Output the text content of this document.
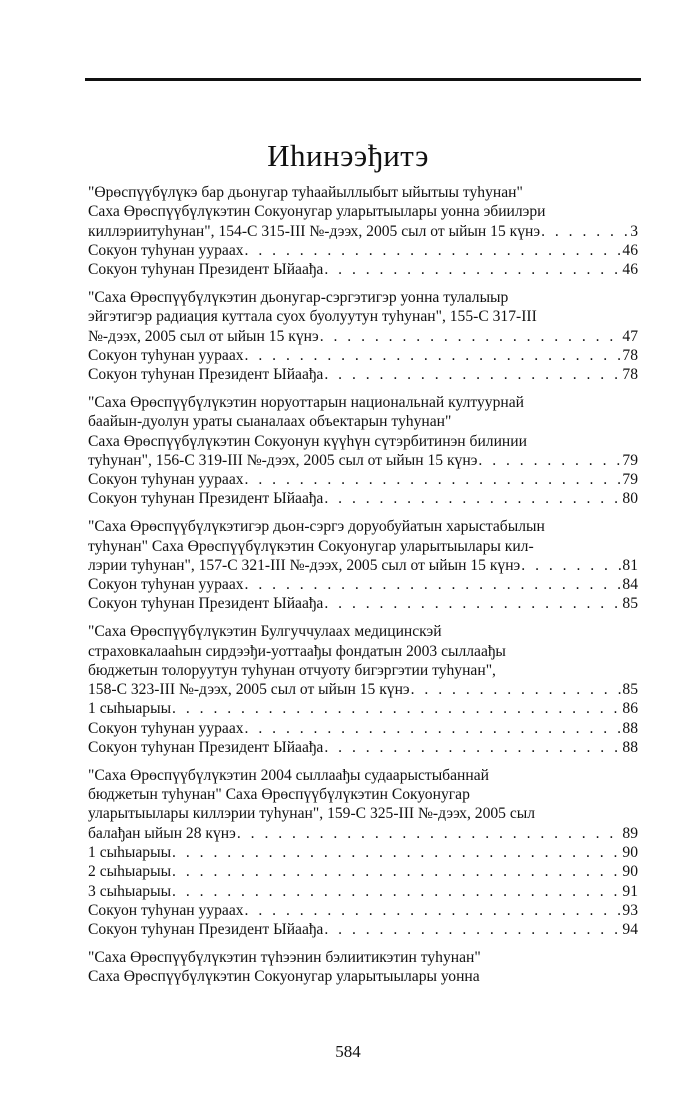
Иhинээђитэ
"Өрөспүүбүлүкэ бар дьонугар туhаайыллыбыт ыйытыы туhунан"
Саха Өрөспүүбүлүкэтин Сокуонугар уларытыылары уонна эбиилэри
киллэриитуhунан", 154-С 315-III №-дээх, 2005 сыл от ыйын 15 күнэ . . .	3
Сокуон туhунан уураах . . .	46
Сокуон туhунан Президент Ыйаађа . . .	46
"Саха Өрөспүүбүлүкэтин дьонугар-сэргэтигэр уонна тулалыыр
эйгэтигэр радиация куттала суох буолуутун туhунан", 155-С 317-III
№-дээх, 2005 сыл от ыйын 15 күнэ . . .	47
Сокуон туhунан уураах . . .	78
Сокуон туhунан Президент Ыйаађа . . .	78
"Саха Өрөспүүбүлүкэтин норуоттарын национальнай култуурнай
баайын-дуолун ураты сыаналаах объектарын туhунан"
Саха Өрөспүүбүлүкэтин Сокуонун күүhүн сүтэрбитинэн билинии
туhунан", 156-С 319-III №-дээх, 2005 сыл от ыйын 15 күнэ . . .	79
Сокуон туhунан уураах . . .	79
Сокуон туhунан Президент Ыйаађа . . .	80
"Саха Өрөспүүбүлүкэтигэр дьон-сэргэ доруобуйатын харыстабылын
туhунан" Саха Өрөспүүбүлүкэтин Сокуонугар уларытыылары кил-
лэрии туhунан", 157-С 321-III №-дээх, 2005 сыл от ыйын 15 күнэ . . .	81
Сокуон туhунан уураах . . .	84
Сокуон туhунан Президент Ыйаађа . . .	85
"Саха Өрөспүүбүлүкэтин Булгуччулаах медицинскэй
страховкалааhын сирдээђи-уоттаађы фондатын 2003 сыллаађы
бюджетын толоруутун туhунан отчуоту бигэргэтии туhунан",
158-С 323-III №-дээх, 2005 сыл от ыйын 15 күнэ . . .	85
1 сыhыарыы . . .	86
Сокуон туhунан уураах . . .	88
Сокуон туhунан Президент Ыйаађа . . .	88
"Саха Өрөспүүбүлүкэтин 2004 сыллаађы судаарыстыбаннай
бюджетын туhунан" Саха Өрөспүүбүлүкэтин Сокуонугар
уларытыылары киллэрии туhунан", 159-С 325-III №-дээх, 2005 сыл
балађан ыйын 28 күнэ . . .	89
1 сыhыарыы . . .	90
2 сыhыарыы . . .	90
3 сыhыарыы . . .	91
Сокуон туhунан уураах . . .	93
Сокуон туhунан Президент Ыйаађа . . .	94
"Саха Өрөспүүбүлүкэтин түhээнин бэлиитикэтин туhунан"
Саха Өрөспүүбүлүкэтин Сокуонугар уларытыылары уонна
584
